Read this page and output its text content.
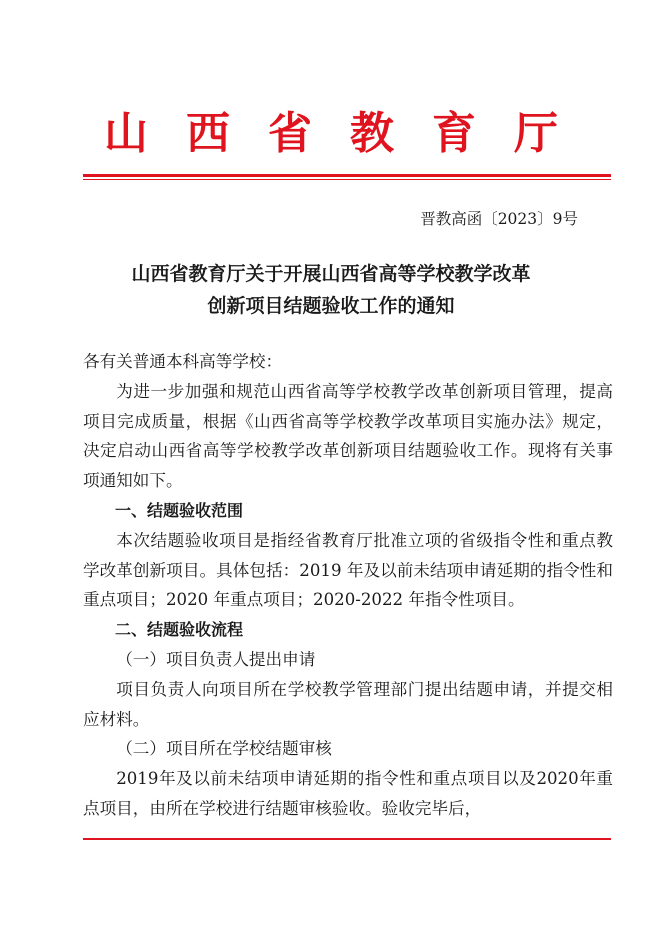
山西省教育厅
晋教高函〔2023〕9号
山西省教育厅关于开展山西省高等学校教学改革
创新项目结题验收工作的通知

各有关普通本科高等学校：

为进一步加强和规范山西省高等学校教学改革创新项目管理，提高项目完成质量，根据《山西省高等学校教学改革项目实施办法》规定，决定启动山西省高等学校教学改革创新项目结题验收工作。现将有关事项通知如下。

一、结题验收范围

本次结题验收项目是指经省教育厅批准立项的省级指令性和重点教学改革创新项目。具体包括：2019 年及以前未结项申请延期的指令性和重点项目；2020 年重点项目；2020-2022 年指令性项目。

二、结题验收流程

（一）项目负责人提出申请

项目负责人向项目所在学校教学管理部门提出结题申请，并提交相应材料。

（二）项目所在学校结题审核

2019年及以前未结项申请延期的指令性和重点项目以及2020年重点项目，由所在学校进行结题审核验收。验收完毕后，
